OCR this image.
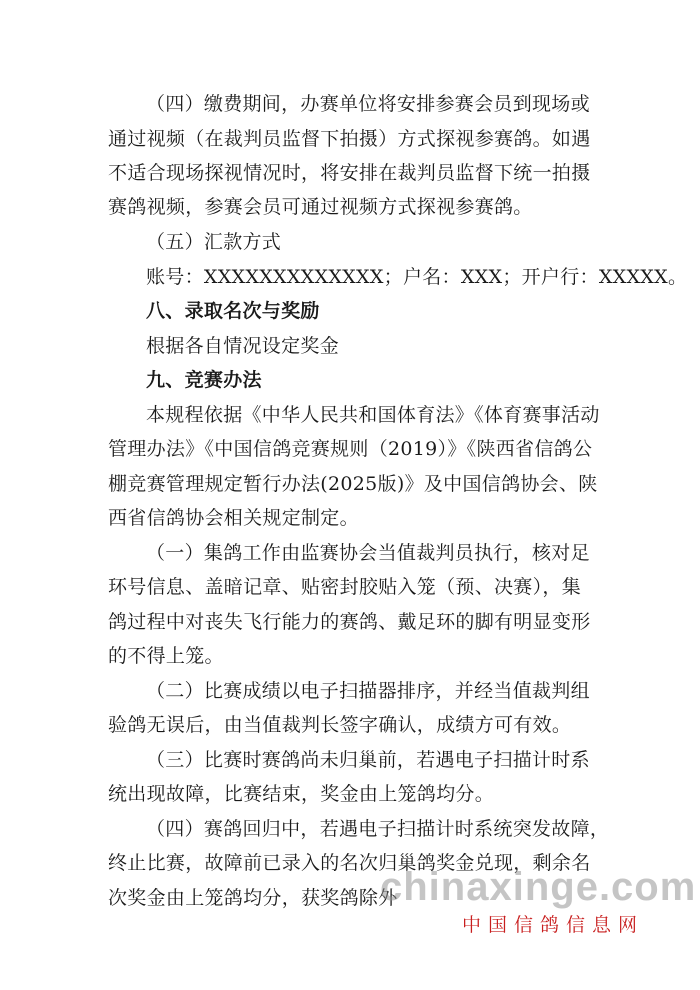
（四）缴费期间，办赛单位将安排参赛会员到现场或
通过视频（在裁判员监督下拍摄）方式探视参赛鸽。如遇
不适合现场探视情况时，将安排在裁判员监督下统一拍摄
赛鸽视频，参赛会员可通过视频方式探视参赛鸽。
（五）汇款方式
账号：XXXXXXXXXXXXX；户名：XXX；开户行：XXXXX。
八、录取名次与奖励
根据各自情况设定奖金
九、竞赛办法
本规程依据《中华人民共和国体育法》《体育赛事活动
管理办法》《中国信鸽竞赛规则（2019）》《陕西省信鸽公
棚竞赛管理规定暂行办法(2025版)》及中国信鸽协会、陕
西省信鸽协会相关规定制定。
（一）集鸽工作由监赛协会当值裁判员执行，核对足
环号信息、盖暗记章、贴密封胶贴入笼（预、决赛），集
鸽过程中对丧失飞行能力的赛鸽、戴足环的脚有明显变形
的不得上笼。
（二）比赛成绩以电子扫描器排序，并经当值裁判组
验鸽无误后，由当值裁判长签字确认，成绩方可有效。
（三）比赛时赛鸽尚未归巢前，若遇电子扫描计时系
统出现故障，比赛结束，奖金由上笼鸽均分。
（四）赛鸽回归中，若遇电子扫描计时系统突发故障，
终止比赛，故障前已录入的名次归巢鸽奖金兑现，剩余名
次奖金由上笼鸽均分，获奖鸽除外
chinaxinge.com
中国信鸽信息网
